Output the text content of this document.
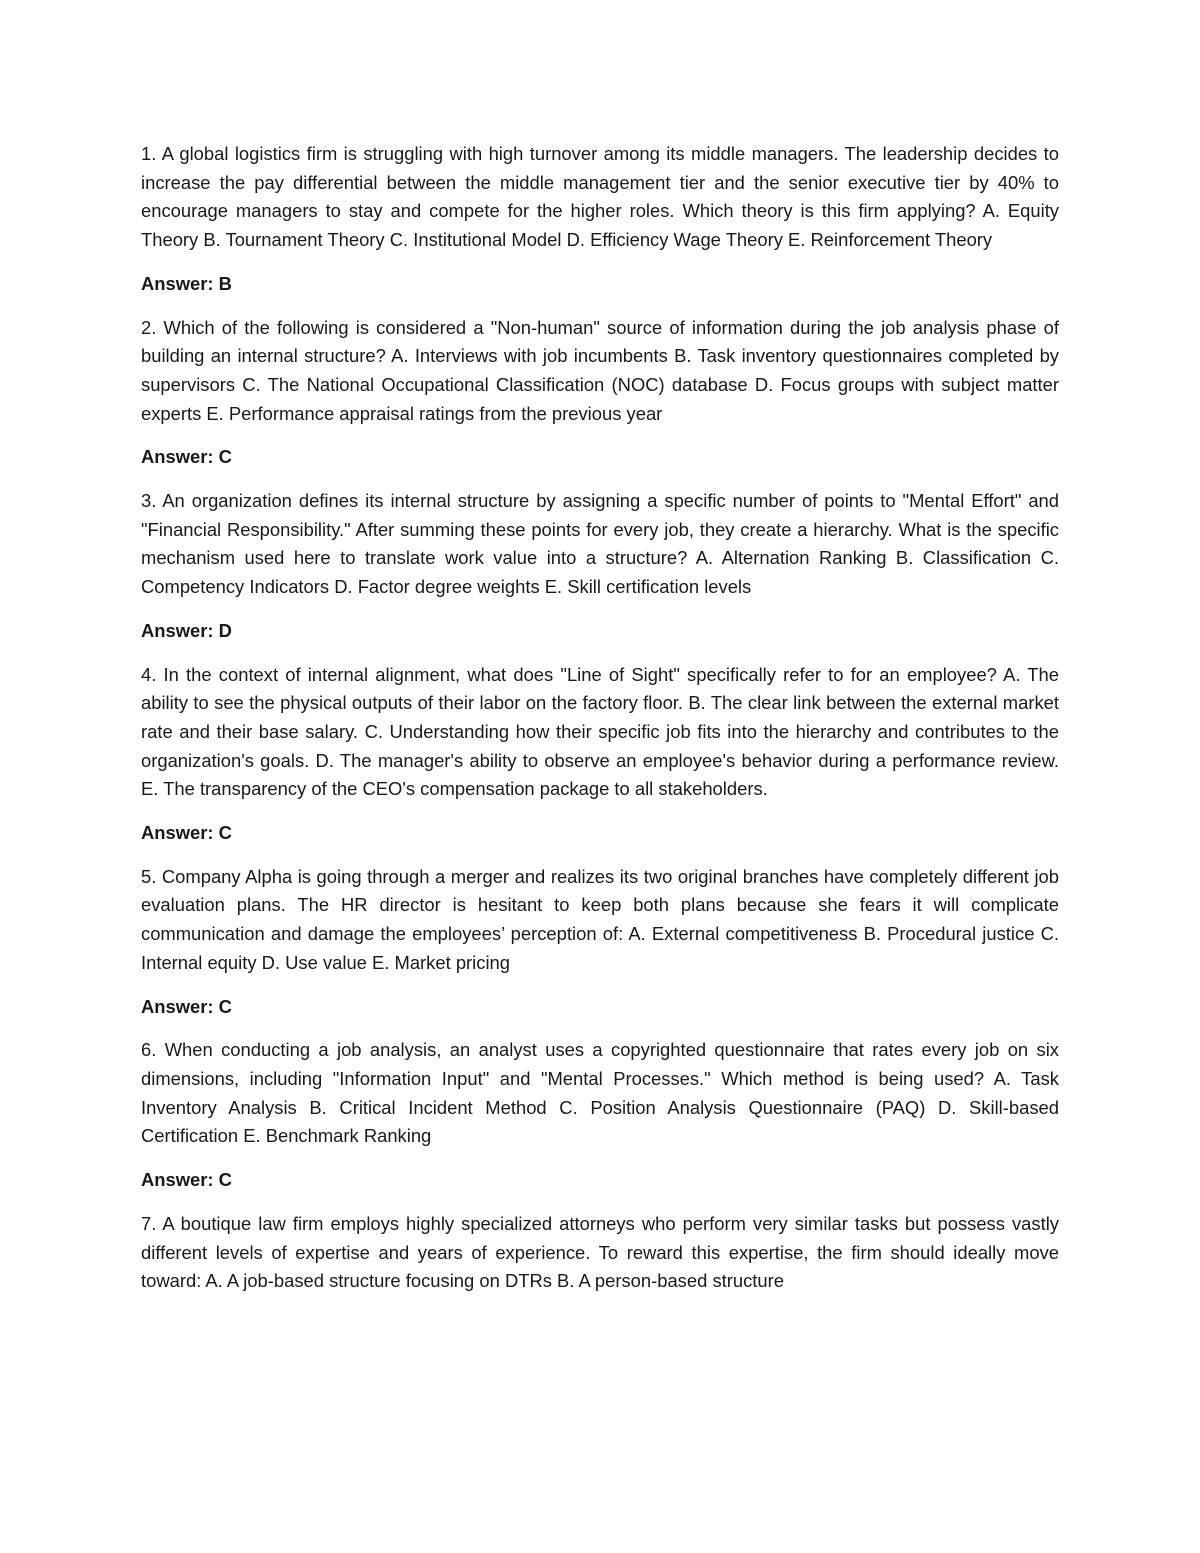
1. A global logistics firm is struggling with high turnover among its middle managers. The leadership decides to increase the pay differential between the middle management tier and the senior executive tier by 40% to encourage managers to stay and compete for the higher roles. Which theory is this firm applying? A. Equity Theory B. Tournament Theory C. Institutional Model D. Efficiency Wage Theory E. Reinforcement Theory

Answer: B

2. Which of the following is considered a "Non-human" source of information during the job analysis phase of building an internal structure? A. Interviews with job incumbents B. Task inventory questionnaires completed by supervisors C. The National Occupational Classification (NOC) database D. Focus groups with subject matter experts E. Performance appraisal ratings from the previous year

Answer: C

3. An organization defines its internal structure by assigning a specific number of points to "Mental Effort" and "Financial Responsibility." After summing these points for every job, they create a hierarchy. What is the specific mechanism used here to translate work value into a structure? A. Alternation Ranking B. Classification C. Competency Indicators D. Factor degree weights E. Skill certification levels

Answer: D

4. In the context of internal alignment, what does "Line of Sight" specifically refer to for an employee? A. The ability to see the physical outputs of their labor on the factory floor. B. The clear link between the external market rate and their base salary. C. Understanding how their specific job fits into the hierarchy and contributes to the organization's goals. D. The manager's ability to observe an employee's behavior during a performance review. E. The transparency of the CEO's compensation package to all stakeholders.

Answer: C

5. Company Alpha is going through a merger and realizes its two original branches have completely different job evaluation plans. The HR director is hesitant to keep both plans because she fears it will complicate communication and damage the employees’ perception of: A. External competitiveness B. Procedural justice C. Internal equity D. Use value E. Market pricing

Answer: C

6. When conducting a job analysis, an analyst uses a copyrighted questionnaire that rates every job on six dimensions, including "Information Input" and "Mental Processes." Which method is being used? A. Task Inventory Analysis B. Critical Incident Method C. Position Analysis Questionnaire (PAQ) D. Skill-based Certification E. Benchmark Ranking

Answer: C

7. A boutique law firm employs highly specialized attorneys who perform very similar tasks but possess vastly different levels of expertise and years of experience. To reward this expertise, the firm should ideally move toward: A. A job-based structure focusing on DTRs B. A person-based structure
